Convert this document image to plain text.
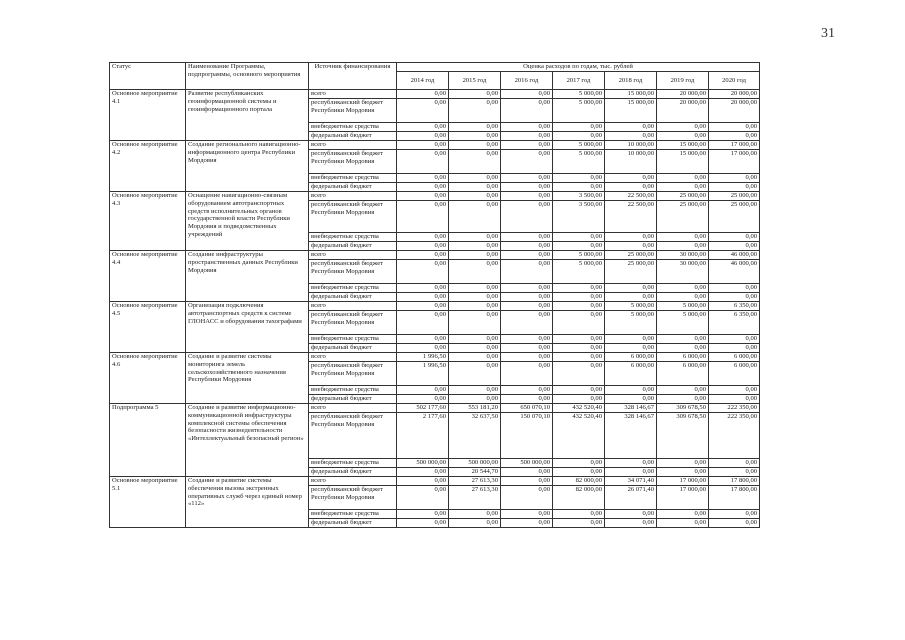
31
Статус	Наименование Программы, подпрограммы, основного мероприятия	Источник финансирования	Оценка расходов по годам, тыс. рублей						
			2014 год	2015 год	2016 год	2017 год	2018 год	2019 год	2020 год
Основное мероприятие 4.1	Развитие республиканских геоинформационной системы и геоинформационного портала	всего	0,00	0,00	0,00	5 000,00	15 000,00	20 000,00	20 000,00
		республиканский бюджет Республики Мордовия	0,00	0,00	0,00	5 000,00	15 000,00	20 000,00	20 000,00
		внебюджетные средства	0,00	0,00	0,00	0,00	0,00	0,00	0,00
		федеральный бюджет	0,00	0,00	0,00	0,00	0,00	0,00	0,00
Основное мероприятие 4.2	Создание регионального навигационно-информационного центра Республики Мордовия	всего	0,00	0,00	0,00	5 000,00	10 000,00	15 000,00	17 000,00
		республиканский бюджет Республики Мордовия	0,00	0,00	0,00	5 000,00	10 000,00	15 000,00	17 000,00
		внебюджетные средства	0,00	0,00	0,00	0,00	0,00	0,00	0,00
		федеральный бюджет	0,00	0,00	0,00	0,00	0,00	0,00	0,00
Основное мероприятие 4.3	Оснащение навигационно-связным оборудованием автотранспортных средств исполнительных органов государственной власти Республики Мордовия и подведомственных учреждений	всего	0,00	0,00	0,00	3 500,00	22 500,00	25 000,00	25 000,00
		республиканский бюджет Республики Мордовия	0,00	0,00	0,00	3 500,00	22 500,00	25 000,00	25 000,00
		внебюджетные средства	0,00	0,00	0,00	0,00	0,00	0,00	0,00
		федеральный бюджет	0,00	0,00	0,00	0,00	0,00	0,00	0,00
Основное мероприятие 4.4	Создание инфраструктуры пространственных данных Республики Мордовия	всего	0,00	0,00	0,00	5 000,00	25 000,00	30 000,00	46 000,00
		республиканский бюджет Республики Мордовия	0,00	0,00	0,00	5 000,00	25 000,00	30 000,00	46 000,00
		внебюджетные средства	0,00	0,00	0,00	0,00	0,00	0,00	0,00
		федеральный бюджет	0,00	0,00	0,00	0,00	0,00	0,00	0,00
Основное мероприятие 4.5	Организация подключения автотранспортных средств к системе ГЛОНАСС и оборудования тахографами	всего	0,00	0,00	0,00	0,00	5 000,00	5 000,00	6 350,00
		республиканский бюджет Республики Мордовия	0,00	0,00	0,00	0,00	5 000,00	5 000,00	6 350,00
		внебюджетные средства	0,00	0,00	0,00	0,00	0,00	0,00	0,00
		федеральный бюджет	0,00	0,00	0,00	0,00	0,00	0,00	0,00
Основное мероприятие 4.6	Создание и развитие системы мониторинга земель сельскохозяйственного назначения Республики Мордовия	всего	1 996,50	0,00	0,00	0,00	6 000,00	6 000,00	6 000,00
		республиканский бюджет Республики Мордовия	1 996,50	0,00	0,00	0,00	6 000,00	6 000,00	6 000,00
		внебюджетные средства	0,00	0,00	0,00	0,00	0,00	0,00	0,00
		федеральный бюджет	0,00	0,00	0,00	0,00	0,00	0,00	0,00
Подпрограмма 5	Создание и развитие информационно-коммуникационной инфраструктуры комплексной системы обеспечения безопасности жизнедеятельности «Интеллектуальный безопасный регион»	всего	502 177,60	553 181,20	650 070,10	432 520,40	328 146,67	309 678,50	222 350,00
		республиканский бюджет Республики Мордовия	2 177,60	32 637,50	150 070,10	432 520,40	328 146,67	309 678,50	222 350,00
		внебюджетные средства	500 000,00	500 000,00	500 000,00	0,00	0,00	0,00	0,00
		федеральный бюджет	0,00	20 544,70	0,00	0,00	0,00	0,00	0,00
Основное мероприятие 5.1	Создание и развитие системы обеспечения вызова экстренных оперативных служб через единый номер «112»	всего	0,00	27 613,30	0,00	82 000,00	34 071,40	17 000,00	17 800,00
		республиканский бюджет Республики Мордовия	0,00	27 613,30	0,00	82 000,00	26 071,40	17 000,00	17 800,00
		внебюджетные средства	0,00	0,00	0,00	0,00	0,00	0,00	0,00
		федеральный бюджет	0,00	0,00	0,00	0,00	0,00	0,00	0,00
